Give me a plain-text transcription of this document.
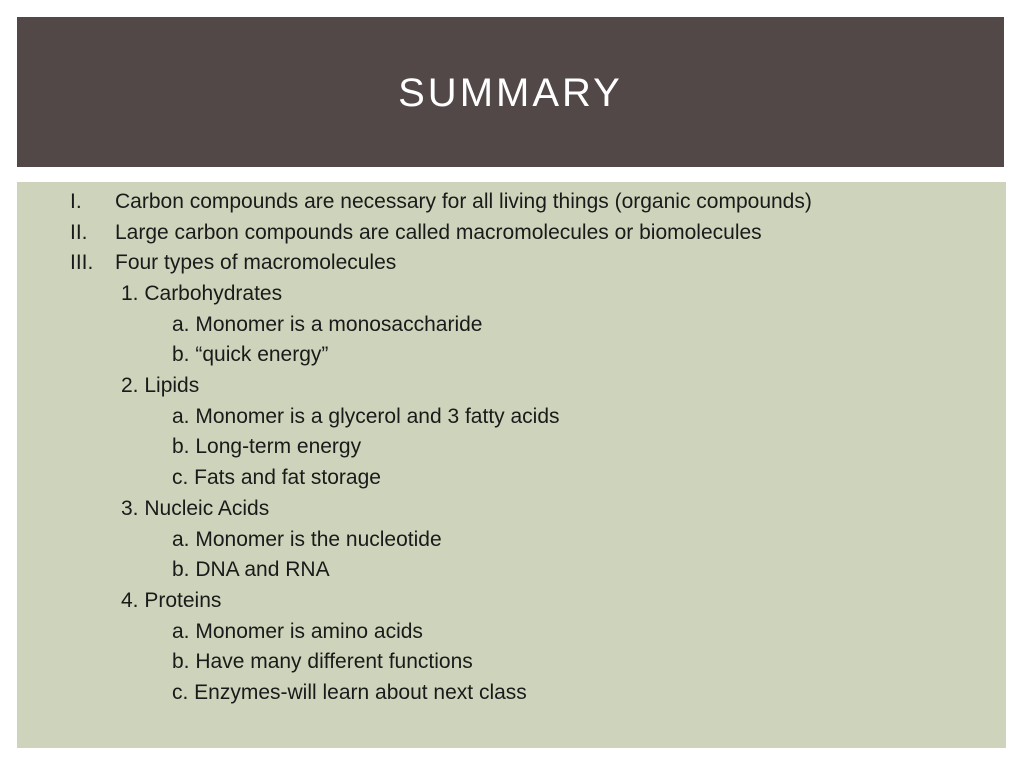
SUMMARY
I. Carbon compounds are necessary for all living things (organic compounds)
II. Large carbon compounds are called macromolecules or biomolecules
III. Four types of macromolecules
1. Carbohydrates
a. Monomer is a monosaccharide
b. “quick energy”
2. Lipids
a. Monomer is a glycerol and 3 fatty acids
b. Long-term energy
c. Fats and fat storage
3. Nucleic Acids
a. Monomer is the nucleotide
b. DNA and RNA
4. Proteins
a. Monomer is amino acids
b. Have many different functions
c. Enzymes-will learn about next class
